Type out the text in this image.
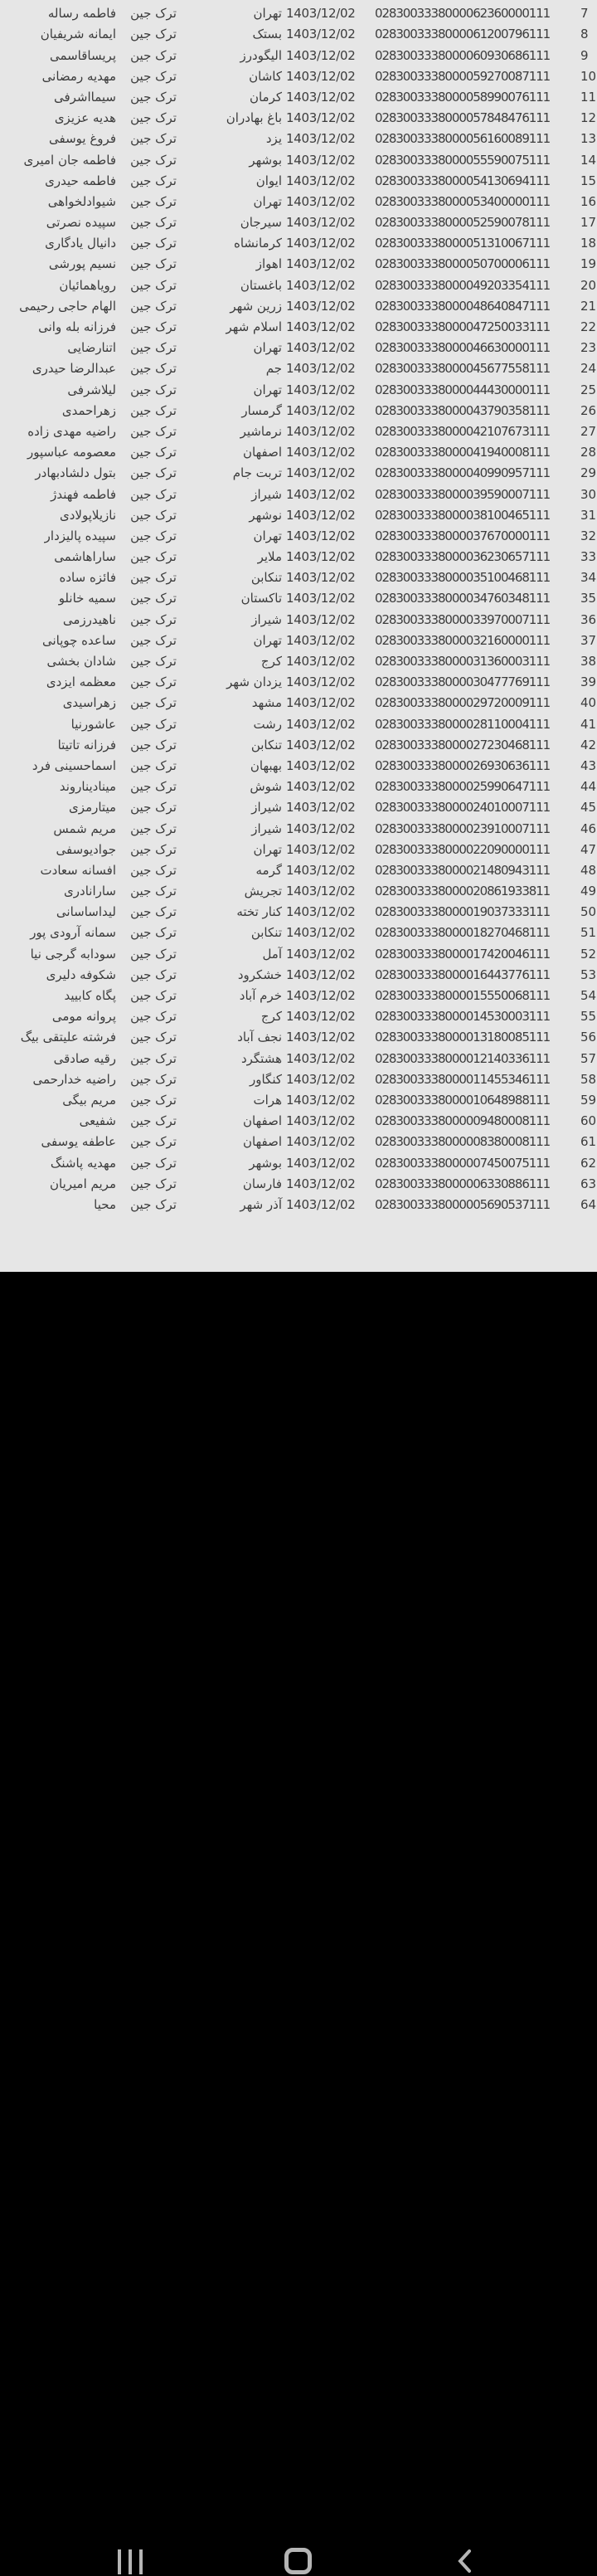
فاطمه رساله ترک جین	تهران 1403/12/02 0283003338000062360000111 7
ایمانه شریفیان ترک جین	بستک 1403/12/02 0283003338000061200796111 8
پریساقاسمی ترک جین	الیگودرز 1403/12/02 0283003338000060930686111 9
مهدیه رمضانی ترک جین	کاشان 1403/12/02 0283003338000059270087111 10
سیمااشرفی ترک جین	کرمان 1403/12/02 0283003338000058990076111 11
هدیه عزیزی ترک جین	باغ بهادران 1403/12/02 0283003338000057848476111 12
فروغ یوسفی ترک جین	یزد 1403/12/02 0283003338000056160089111 13
فاطمه جان امیری ترک جین	بوشهر 1403/12/02 0283003338000055590075111 14
فاطمه حیدری ترک جین	ایوان 1403/12/02 0283003338000054130694111 15
شیوادلخواهی ترک جین	تهران 1403/12/02 0283003338000053400000111 16
سپیده نصرتی ترک جین	سیرجان 1403/12/02 0283003338000052590078111 17
دانیال یادگاری ترک جین	کرمانشاه 1403/12/02 0283003338000051310067111 18
نسیم پورشی ترک جین	اهواز 1403/12/02 0283003338000050700006111 19
رویاهمائیان ترک جین	باغستان 1403/12/02 0283003338000049203354111 20
الهام حاجی رحیمی ترک جین	زرین شهر 1403/12/02 0283003338000048640847111 21
فرزانه بله وانی ترک جین	اسلام شهر 1403/12/02 0283003338000047250033111 22
اتنارضایی ترک جین	تهران 1403/12/02 0283003338000046630000111 23
عبدالرضا حیدری ترک جین	جم 1403/12/02 0283003338000045677558111 24
لیلاشرفی ترک جین	تهران 1403/12/02 0283003338000044430000111 25
زهراحمدی ترک جین	گرمسار 1403/12/02 0283003338000043790358111 26
راضیه مهدی زاده ترک جین	نرماشیر 1403/12/02 0283003338000042107673111 27
معصومه عباسپور ترک جین	اصفهان 1403/12/02 0283003338000041940008111 28
بتول دلشادبهادر ترک جین	تربت جام 1403/12/02 0283003338000040990957111 29
فاطمه فهندژ ترک جین	شیراز 1403/12/02 0283003338000039590007111 30
نازیلاپولادی ترک جین	نوشهر 1403/12/02 0283003338000038100465111 31
سپیده پالیزدار ترک جین	تهران 1403/12/02 0283003338000037670000111 32
ساراهاشمی ترک جین	ملایر 1403/12/02 0283003338000036230657111 33
فائزه ساده ترک جین	تنکابن 1403/12/02 0283003338000035100468111 34
سمیه خانلو ترک جین	تاکستان 1403/12/02 0283003338000034760348111 35
ناهیدرزمی ترک جین	شیراز 1403/12/02 0283003338000033970007111 36
ساعده چوپانی ترک جین	تهران 1403/12/02 0283003338000032160000111 37
شادان بخشی ترک جین	کرج 1403/12/02 0283003338000031360003111 38
معظمه ایزدی ترک جین	یزدان شهر 1403/12/02 0283003338000030477769111 39
زهراسیدی ترک جین	مشهد 1403/12/02 0283003338000029720009111 40
عاشورنیا ترک جین	رشت 1403/12/02 0283003338000028110004111 41
فرزانه تاتیتا ترک جین	تنکابن 1403/12/02 0283003338000027230468111 42
اسماحسینی فرد ترک جین	بهبهان 1403/12/02 0283003338000026930636111 43
مینادیناروند ترک جین	شوش 1403/12/02 0283003338000025990647111 44
میتارمزی ترک جین	شیراز 1403/12/02 0283003338000024010007111 45
مریم شمس ترک جین	شیراز 1403/12/02 0283003338000023910007111 46
جوادیوسفی ترک جین	تهران 1403/12/02 0283003338000022090000111 47
افسانه سعادت ترک جین	گرمه 1403/12/02 0283003338000021480943111 48
سارانادری ترک جین	تجریش 1403/12/02 0283003338000020861933811 49
لیداساسانی ترک جین	کنار تخته 1403/12/02 0283003338000019037333111 50
سمانه آرودی پور ترک جین	تنکابن 1403/12/02 0283003338000018270468111 51
سودابه گرجی نیا ترک جین	آمل 1403/12/02 0283003338000017420046111 52
شکوفه دلیری ترک جین	خشکرود 1403/12/02 0283003338000016443776111 53
پگاه کابیید ترک جین	خرم آباد 1403/12/02 0283003338000015550068111 54
پروانه مومی ترک جین	کرج 1403/12/02 0283003338000014530003111 55
فرشته علیتقی بیگ ترک جین	نجف آباد 1403/12/02 0283003338000013180085111 56
رقیه صادقی ترک جین	هشتگرد 1403/12/02 0283003338000012140336111 57
راضیه خدارحمی ترک جین	کنگاور 1403/12/02 0283003338000011455346111 58
مریم بیگی ترک جین	هرات 1403/12/02 0283003338000010648988111 59
شفیعی ترک جین	اصفهان 1403/12/02 0283003338000009480008111 60
عاطفه یوسفی ترک جین	اصفهان 1403/12/02 0283003338000008380008111 61
مهدیه پاشنگ ترک جین	بوشهر 1403/12/02 0283003338000007450075111 62
مریم امیریان ترک جین	فارسان 1403/12/02 0283003338000006330886111 63
محیا ترک جین	آذر شهر 1403/12/02 0283003338000005690537111 64
